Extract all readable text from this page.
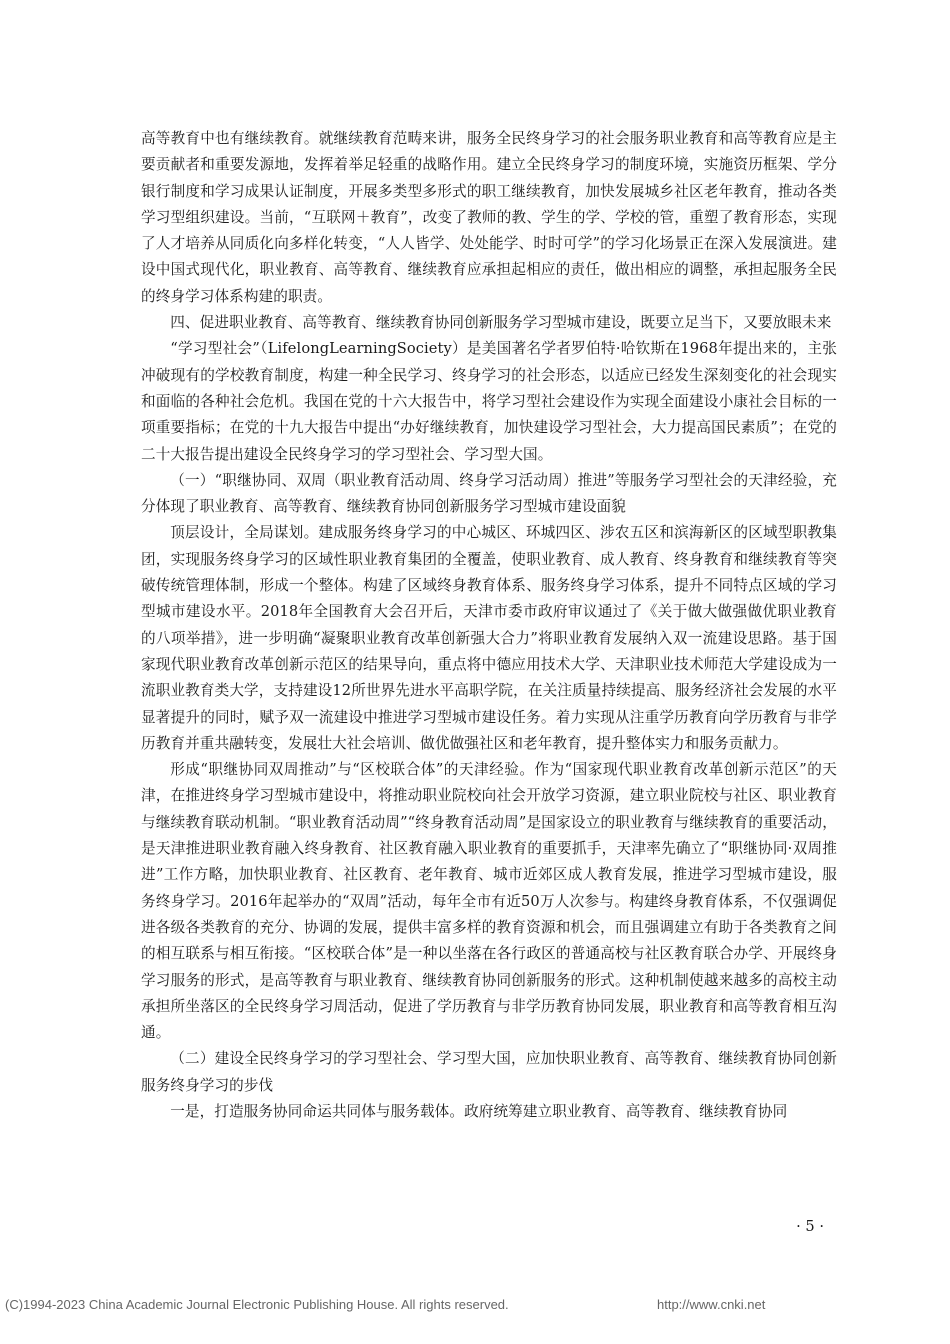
高等教育中也有继续教育。就继续教育范畴来讲，服务全民终身学习的社会服务职业教育和高等教育应是主要贡献者和重要发源地，发挥着举足轻重的战略作用。建立全民终身学习的制度环境，实施资历框架、学分银行制度和学习成果认证制度，开展多类型多形式的职工继续教育，加快发展城乡社区老年教育，推动各类学习型组织建设。当前，“互联网＋教育”，改变了教师的教、学生的学、学校的管，重塑了教育形态，实现了人才培养从同质化向多样化转变，“人人皆学、处处能学、时时可学”的学习化场景正在深入发展演进。建设中国式现代化，职业教育、高等教育、继续教育应承担起相应的责任，做出相应的调整，承担起服务全民的终身学习体系构建的职责。

四、促进职业教育、高等教育、继续教育协同创新服务学习型城市建设，既要立足当下，又要放眼未来

“学习型社会”（LifelongLearningSociety）是美国著名学者罗伯特·哈钦斯在1968年提出来的，主张冲破现有的学校教育制度，构建一种全民学习、终身学习的社会形态，以适应已经发生深刻变化的社会现实和面临的各种社会危机。我国在党的十六大报告中，将学习型社会建设作为实现全面建设小康社会目标的一项重要指标；在党的十九大报告中提出“办好继续教育，加快建设学习型社会，大力提高国民素质”；在党的二十大报告提出建设全民终身学习的学习型社会、学习型大国。

（一）“职继协同、双周（职业教育活动周、终身学习活动周）推进”等服务学习型社会的天津经验，充分体现了职业教育、高等教育、继续教育协同创新服务学习型城市建设面貌

顶层设计，全局谋划。建成服务终身学习的中心城区、环城四区、涉农五区和滨海新区的区域型职教集团，实现服务终身学习的区域性职业教育集团的全覆盖，使职业教育、成人教育、终身教育和继续教育等突破传统管理体制，形成一个整体。构建了区域终身教育体系、服务终身学习体系，提升不同特点区域的学习型城市建设水平。2018年全国教育大会召开后，天津市委市政府审议通过了《关于做大做强做优职业教育的八项举措》，进一步明确“凝聚职业教育改革创新强大合力”将职业教育发展纳入双一流建设思路。基于国家现代职业教育改革创新示范区的结果导向，重点将中德应用技术大学、天津职业技术师范大学建设成为一流职业教育类大学，支持建设12所世界先进水平高职学院，在关注质量持续提高、服务经济社会发展的水平显著提升的同时，赋予双一流建设中推进学习型城市建设任务。着力实现从注重学历教育向学历教育与非学历教育并重共融转变，发展壮大社会培训、做优做强社区和老年教育，提升整体实力和服务贡献力。

形成“职继协同双周推动”与“区校联合体”的天津经验。作为“国家现代职业教育改革创新示范区”的天津，在推进终身学习型城市建设中，将推动职业院校向社会开放学习资源，建立职业院校与社区、职业教育与继续教育联动机制。“职业教育活动周”“终身教育活动周”是国家设立的职业教育与继续教育的重要活动，是天津推进职业教育融入终身教育、社区教育融入职业教育的重要抓手，天津率先确立了“职继协同·双周推进”工作方略，加快职业教育、社区教育、老年教育、城市近郊区成人教育发展，推进学习型城市建设，服务终身学习。2016年起举办的“双周”活动，每年全市有近50万人次参与。构建终身教育体系，不仅强调促进各级各类教育的充分、协调的发展，提供丰富多样的教育资源和机会，而且强调建立有助于各类教育之间的相互联系与相互衔接。“区校联合体”是一种以坐落在各行政区的普通高校与社区教育联合办学、开展终身学习服务的形式，是高等教育与职业教育、继续教育协同创新服务的形式。这种机制使越来越多的高校主动承担所坐落区的全民终身学习周活动，促进了学历教育与非学历教育协同发展，职业教育和高等教育相互沟通。

（二）建设全民终身学习的学习型社会、学习型大国，应加快职业教育、高等教育、继续教育协同创新服务终身学习的步伐

一是，打造服务协同命运共同体与服务载体。政府统筹建立职业教育、高等教育、继续教育协同

· 5 ·
(C)1994-2023 China Academic Journal Electronic Publishing House. All rights reserved.	http://www.cnki.net
